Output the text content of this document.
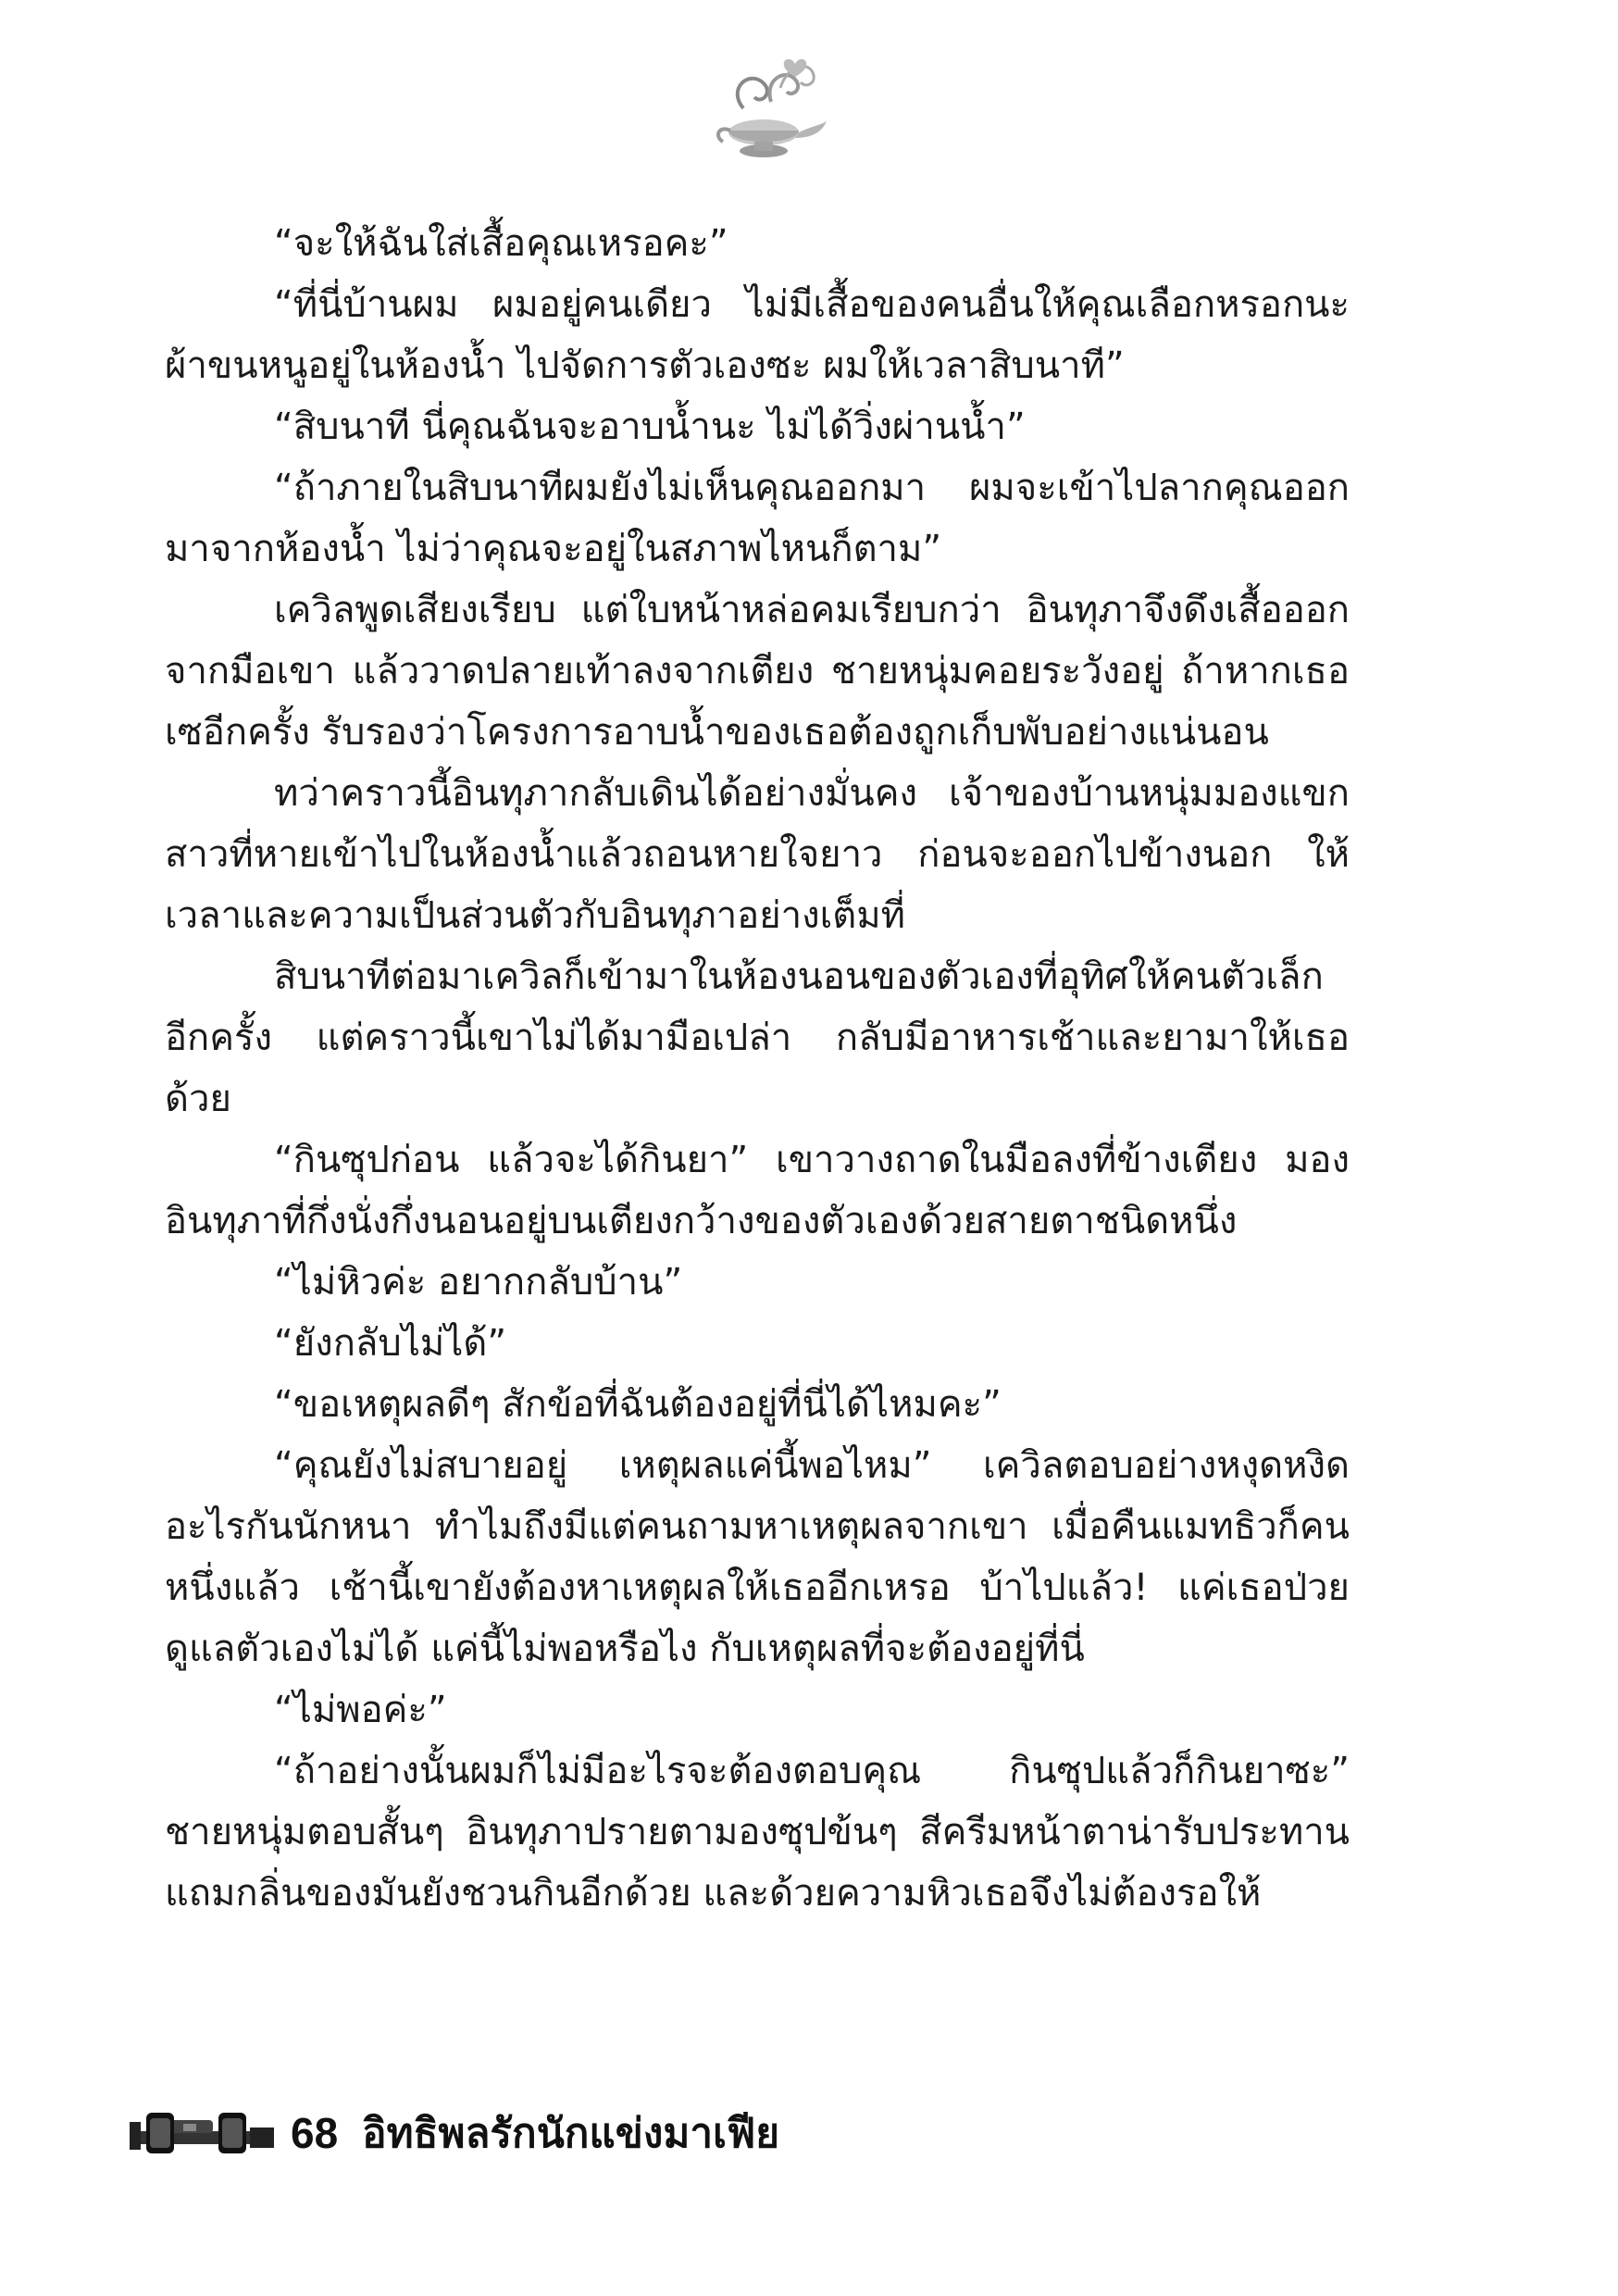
“จะให้ฉันใส่เสื้อคุณเหรอคะ”

“ที่นี่บ้านผม ผมอยู่คนเดียว ไม่มีเสื้อของคนอื่นให้คุณเลือกหรอกนะ ผ้าขนหนูอยู่ในห้องน้ำ ไปจัดการตัวเองซะ ผมให้เวลาสิบนาที”

“สิบนาที นี่คุณฉันจะอาบน้ำนะ ไม่ได้วิ่งผ่านน้ำ”

“ถ้าภายในสิบนาทีผมยังไม่เห็นคุณออกมา ผมจะเข้าไปลากคุณออกมาจากห้องน้ำ ไม่ว่าคุณจะอยู่ในสภาพไหนก็ตาม”

เควิลพูดเสียงเรียบ แต่ใบหน้าหล่อคมเรียบกว่า อินทุภาจึงดึงเสื้อออกจากมือเขา แล้ววาดปลายเท้าลงจากเตียง ชายหนุ่มคอยระวังอยู่ ถ้าหากเธอเซอีกครั้ง รับรองว่าโครงการอาบน้ำของเธอต้องถูกเก็บพับอย่างแน่นอน

ทว่าคราวนี้อินทุภากลับเดินได้อย่างมั่นคง เจ้าของบ้านหนุ่มมองแขกสาวที่หายเข้าไปในห้องน้ำแล้วถอนหายใจยาว ก่อนจะออกไปข้างนอก ให้เวลาและความเป็นส่วนตัวกับอินทุภาอย่างเต็มที่

สิบนาทีต่อมาเควิลก็เข้ามาในห้องนอนของตัวเองที่อุทิศให้คนตัวเล็กอีกครั้ง แต่คราวนี้เขาไม่ได้มามือเปล่า กลับมีอาหารเช้าและยามาให้เธอด้วย

“กินซุปก่อน แล้วจะได้กินยา” เขาวางถาดในมือลงที่ข้างเตียง มองอินทุภาที่กึ่งนั่งกึ่งนอนอยู่บนเตียงกว้างของตัวเองด้วยสายตาชนิดหนึ่ง

“ไม่หิวค่ะ อยากกลับบ้าน”

“ยังกลับไม่ได้”

“ขอเหตุผลดีๆ สักข้อที่ฉันต้องอยู่ที่นี่ได้ไหมคะ”

“คุณยังไม่สบายอยู่ เหตุผลแค่นี้พอไหม” เควิลตอบอย่างหงุดหงิด อะไรกันนักหนา ทำไมถึงมีแต่คนถามหาเหตุผลจากเขา เมื่อคืนแมทธิวก็คนหนึ่งแล้ว เช้านี้เขายังต้องหาเหตุผลให้เธออีกเหรอ บ้าไปแล้ว! แค่เธอป่วย ดูแลตัวเองไม่ได้ แค่นี้ไม่พอหรือไง กับเหตุผลที่จะต้องอยู่ที่นี่

“ไม่พอค่ะ”

“ถ้าอย่างนั้นผมก็ไม่มีอะไรจะต้องตอบคุณ กินซุปแล้วก็กินยาซะ” ชายหนุ่มตอบสั้นๆ อินทุภาปรายตามองซุปข้นๆ สีครีมหน้าตาน่ารับประทาน แถมกลิ่นของมันยังชวนกินอีกด้วย และด้วยความหิวเธอจึงไม่ต้องรอให้

68 อิทธิพลรักนักแข่งมาเฟีย
